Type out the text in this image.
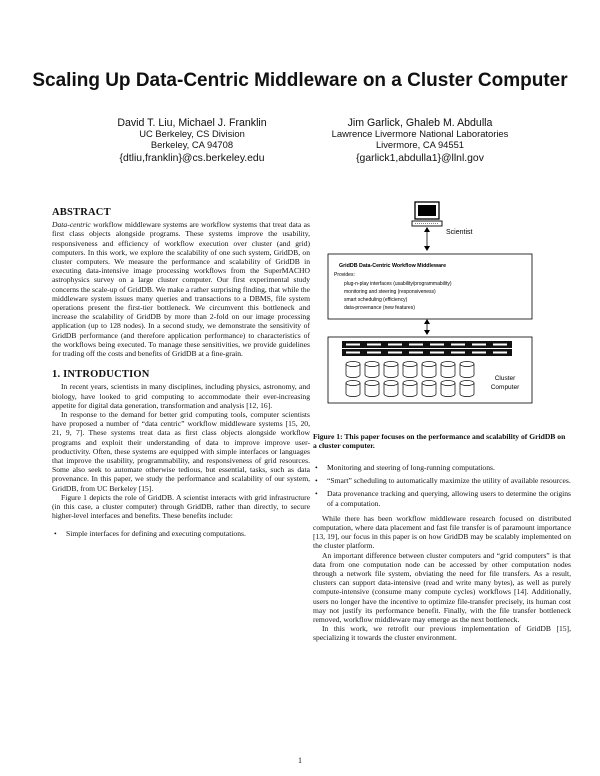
Scaling Up Data-Centric Middleware on a Cluster Computer
David T. Liu, Michael J. Franklin
UC Berkeley, CS Division
Berkeley, CA 94708
{dtliu,franklin}@cs.berkeley.edu
Jim Garlick, Ghaleb M. Abdulla
Lawrence Livermore National Laboratories
Livermore, CA 94551
{garlick1,abdulla1}@llnl.gov
ABSTRACT

Data-centric workflow middleware systems are workflow systems that treat data as first class objects alongside programs. These systems improve the usability, responsiveness and efficiency of workflow execution over cluster (and grid) computers. In this work, we explore the scalability of one such system, GridDB, on cluster computers. We measure the performance and scalability of GridDB in executing data-intensive image processing workflows from the SuperMACHO astrophysics survey on a large cluster computer. Our first experimental study concerns the scale-up of GridDB. We make a rather surprising finding, that while the middleware system issues many queries and transactions to a DBMS, file system operations present the first-tier bottleneck. We circumvent this bottleneck and increase the scalability of GridDB by more than 2-fold on our image processing application (up to 128 nodes). In a second study, we demonstrate the sensitivity of GridDB performance (and therefore application performance) to characteristics of the workflows being executed. To manage these sensitivities, we provide guidelines for trading off the costs and benefits of GridDB at a fine-grain.

1. INTRODUCTION

In recent years, scientists in many disciplines, including physics, astronomy, and biology, have looked to grid computing to accommodate their ever-increasing appetite for digital data generation, transformation and analysis [12, 16].

In response to the demand for better grid computing tools, computer scientists have proposed a number of “data centric” workflow middleware systems [15, 20, 21, 9, 7]. These systems treat data as first class objects alongside workflow programs and exploit their understanding of data to improve improve user-productivity. Often, these systems are equipped with simple interfaces or languages that improve the usability, programmability, and responsiveness of grid resources. Some also seek to automate otherwise tedious, but essential, tasks, such as data provenance. In this paper, we study the performance and scalability of our system, GridDB, from UC Berkeley [15].

Figure 1 depicts the role of GridDB. A scientist interacts with grid infrastructure (in this case, a cluster computer) through GridDB, rather than directly, to secure higher-level interfaces and benefits. These benefits include:

• Simple interfaces for defining and executing computations.
Scientist
GridDB Data-Centric Workflow Middleware
Provides:
plug-n-play interfaces (usability/programmability)
monitoring and steering (responsiveness)
smart scheduling (efficiency)
data-provenance (new features)
Cluster
Computer
Figure 1: This paper focuses on the performance and scalability of GridDB on a cluster computer.
• Monitoring and steering of long-running computations.
• “Smart” scheduling to automatically maximize the utility of available resources.
• Data provenance tracking and querying, allowing users to determine the origins of a computation.

While there has been workflow middleware research focused on distributed computation, where data placement and fast file transfer is of paramount importance [13, 19], our focus in this paper is on how GridDB may be scalably implemented on the cluster platform.

An important difference between cluster computers and “grid computers” is that data from one computation node can be accessed by other computation nodes through a network file system, obviating the need for file transfers. As a result, clusters can support data-intensive (read and write many bytes), as well as purely compute-intensive (consume many compute cycles) workflows [14]. Additionally, users no longer have the incentive to optimize file-transfer precisely, its human cost may not justify its performance benefit. Finally, with the file transfer bottleneck removed, workflow middleware may emerge as the next bottleneck.

In this work, we retrofit our previous implementation of GridDB [15], specializing it towards the cluster environment.

1
